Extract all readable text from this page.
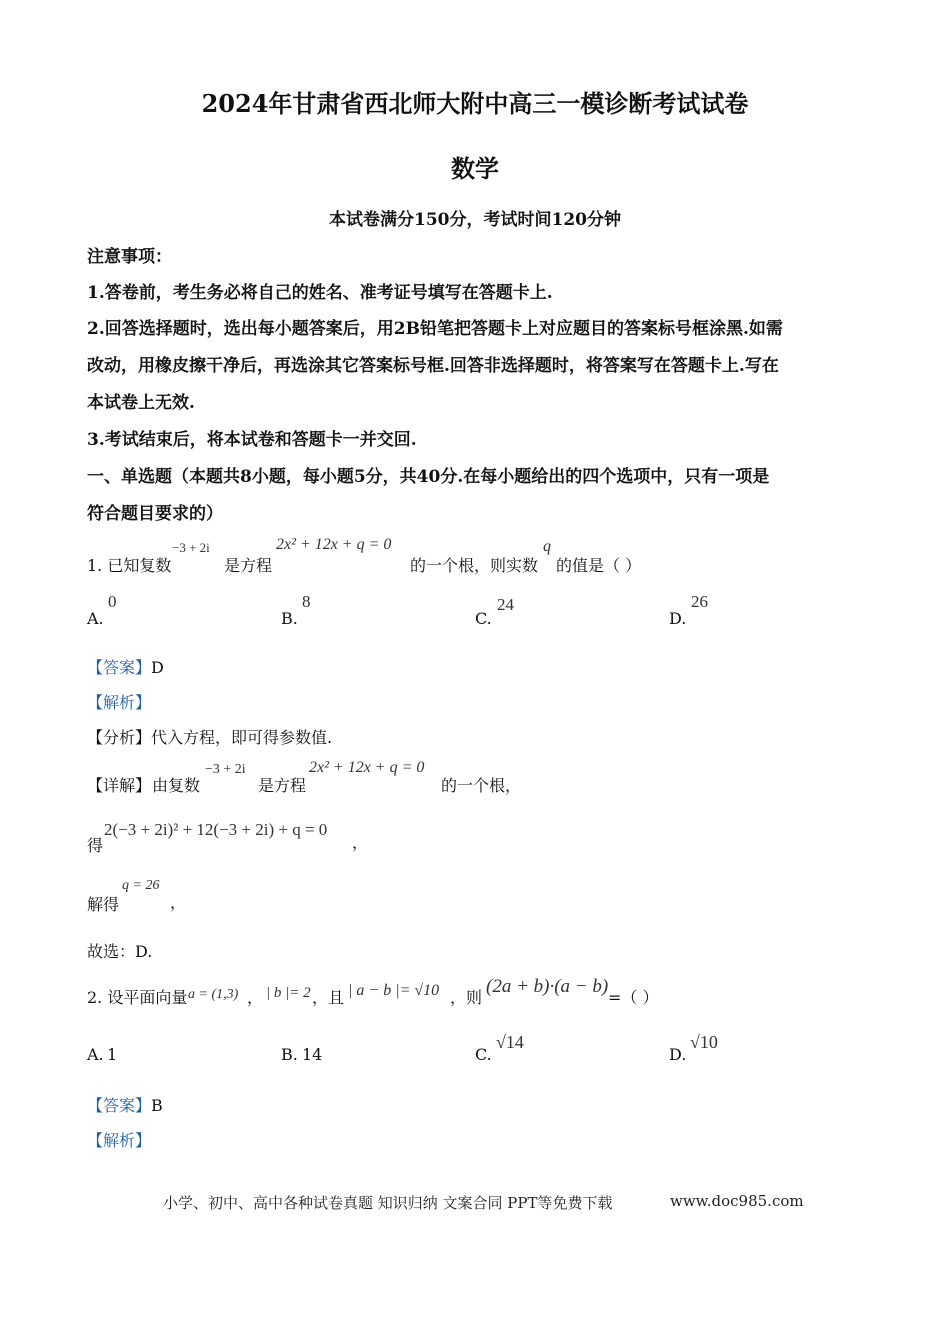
2024年甘肃省西北师大附中高三一模诊断考试试卷
数学
本试卷满分150分，考试时间120分钟
注意事项：
1.答卷前，考生务必将自己的姓名、准考证号填写在答题卡上.
2.回答选择题时，选出每小题答案后，用2B铅笔把答题卡上对应题目的答案标号框涂黑.如需
改动，用橡皮擦干净后，再选涂其它答案标号框.回答非选择题时，将答案写在答题卡上.写在
本试卷上无效.
3.考试结束后，将本试卷和答题卡一并交回.
一、单选题（本题共8小题，每小题5分，共40分.在每小题给出的四个选项中，只有一项是
符合题目要求的）
1. 已知复数
−3 + 2i
是方程
2x² + 12x + q = 0
的一个根，则实数
q
的值是（ ）
A.
0
B.
8
C.
24
D.
26
【答案】D
【解析】
【分析】代入方程，即可得参数值.
【详解】 由复数
−3 + 2i
是方程
2x² + 12x + q = 0
的一个根，
得
2(−3 + 2i)² + 12(−3 + 2i) + q = 0
，
解得
q = 26
，
故选：D.
2. 设平面向量 a = (1,3) ， | b |= 2 ，且 | a − b |= √10 ，则
(2a + b)·(a − b)
=（ ）
A. 1	B. 14	C.
√14
D.
√10
【答案】B
【解析】
小学、初中、高中各种试卷真题 知识归纳 文案合同 PPT等免费下载	www.doc985.com
